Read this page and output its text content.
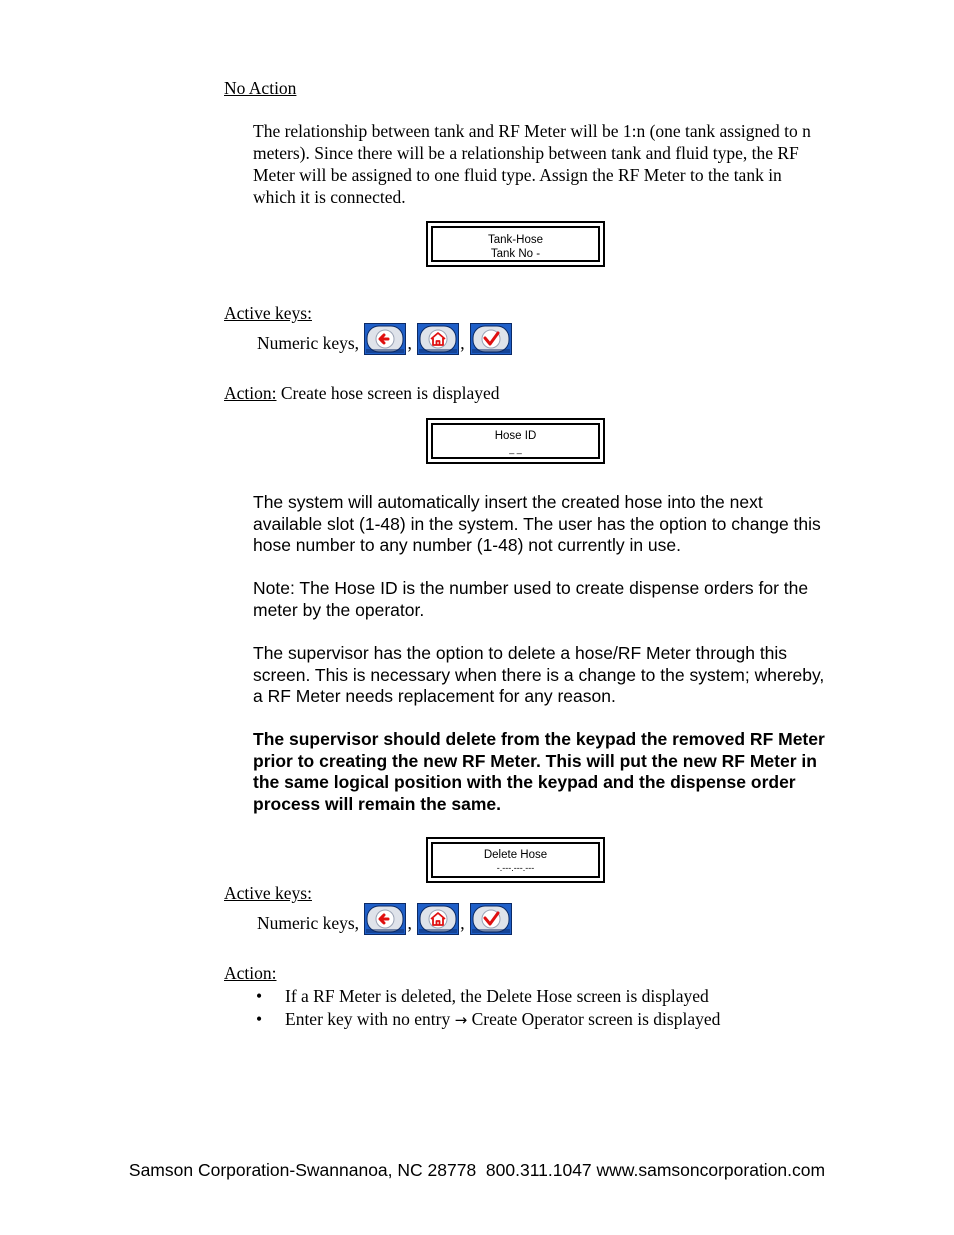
No Action
The relationship between tank and RF Meter will be 1:n (one tank assigned to n meters). Since there will be a relationship between tank and fluid type, the RF Meter will be assigned to one fluid type. Assign the RF Meter to the tank in which it is connected.
Tank-Hose
Tank No -
Active keys:
Numeric keys,	,	,
Action: Create hose screen is displayed
Hose ID
_ _
The system will automatically insert the created hose into the next available slot (1-48) in the system. The user has the option to change this hose number to any number (1-48) not currently in use.
Note: The Hose ID is the number used to create dispense orders for the meter by the operator.
The supervisor has the option to delete a hose/RF Meter through this screen. This is necessary when there is a change to the system; whereby, a RF Meter needs replacement for any reason.
The supervisor should delete from the keypad the removed RF Meter prior to creating the new RF Meter. This will put the new RF Meter in the same logical position with the keypad and the dispense order process will remain the same.
Delete Hose
-.---.---.---
Active keys:
Numeric keys,	,	,
Action:
• If a RF Meter is deleted, the Delete Hose screen is displayed
• Enter key with no entry → Create Operator screen is displayed
Samson Corporation-Swannanoa, NC 28778  800.311.1047 www.samsoncorporation.com
